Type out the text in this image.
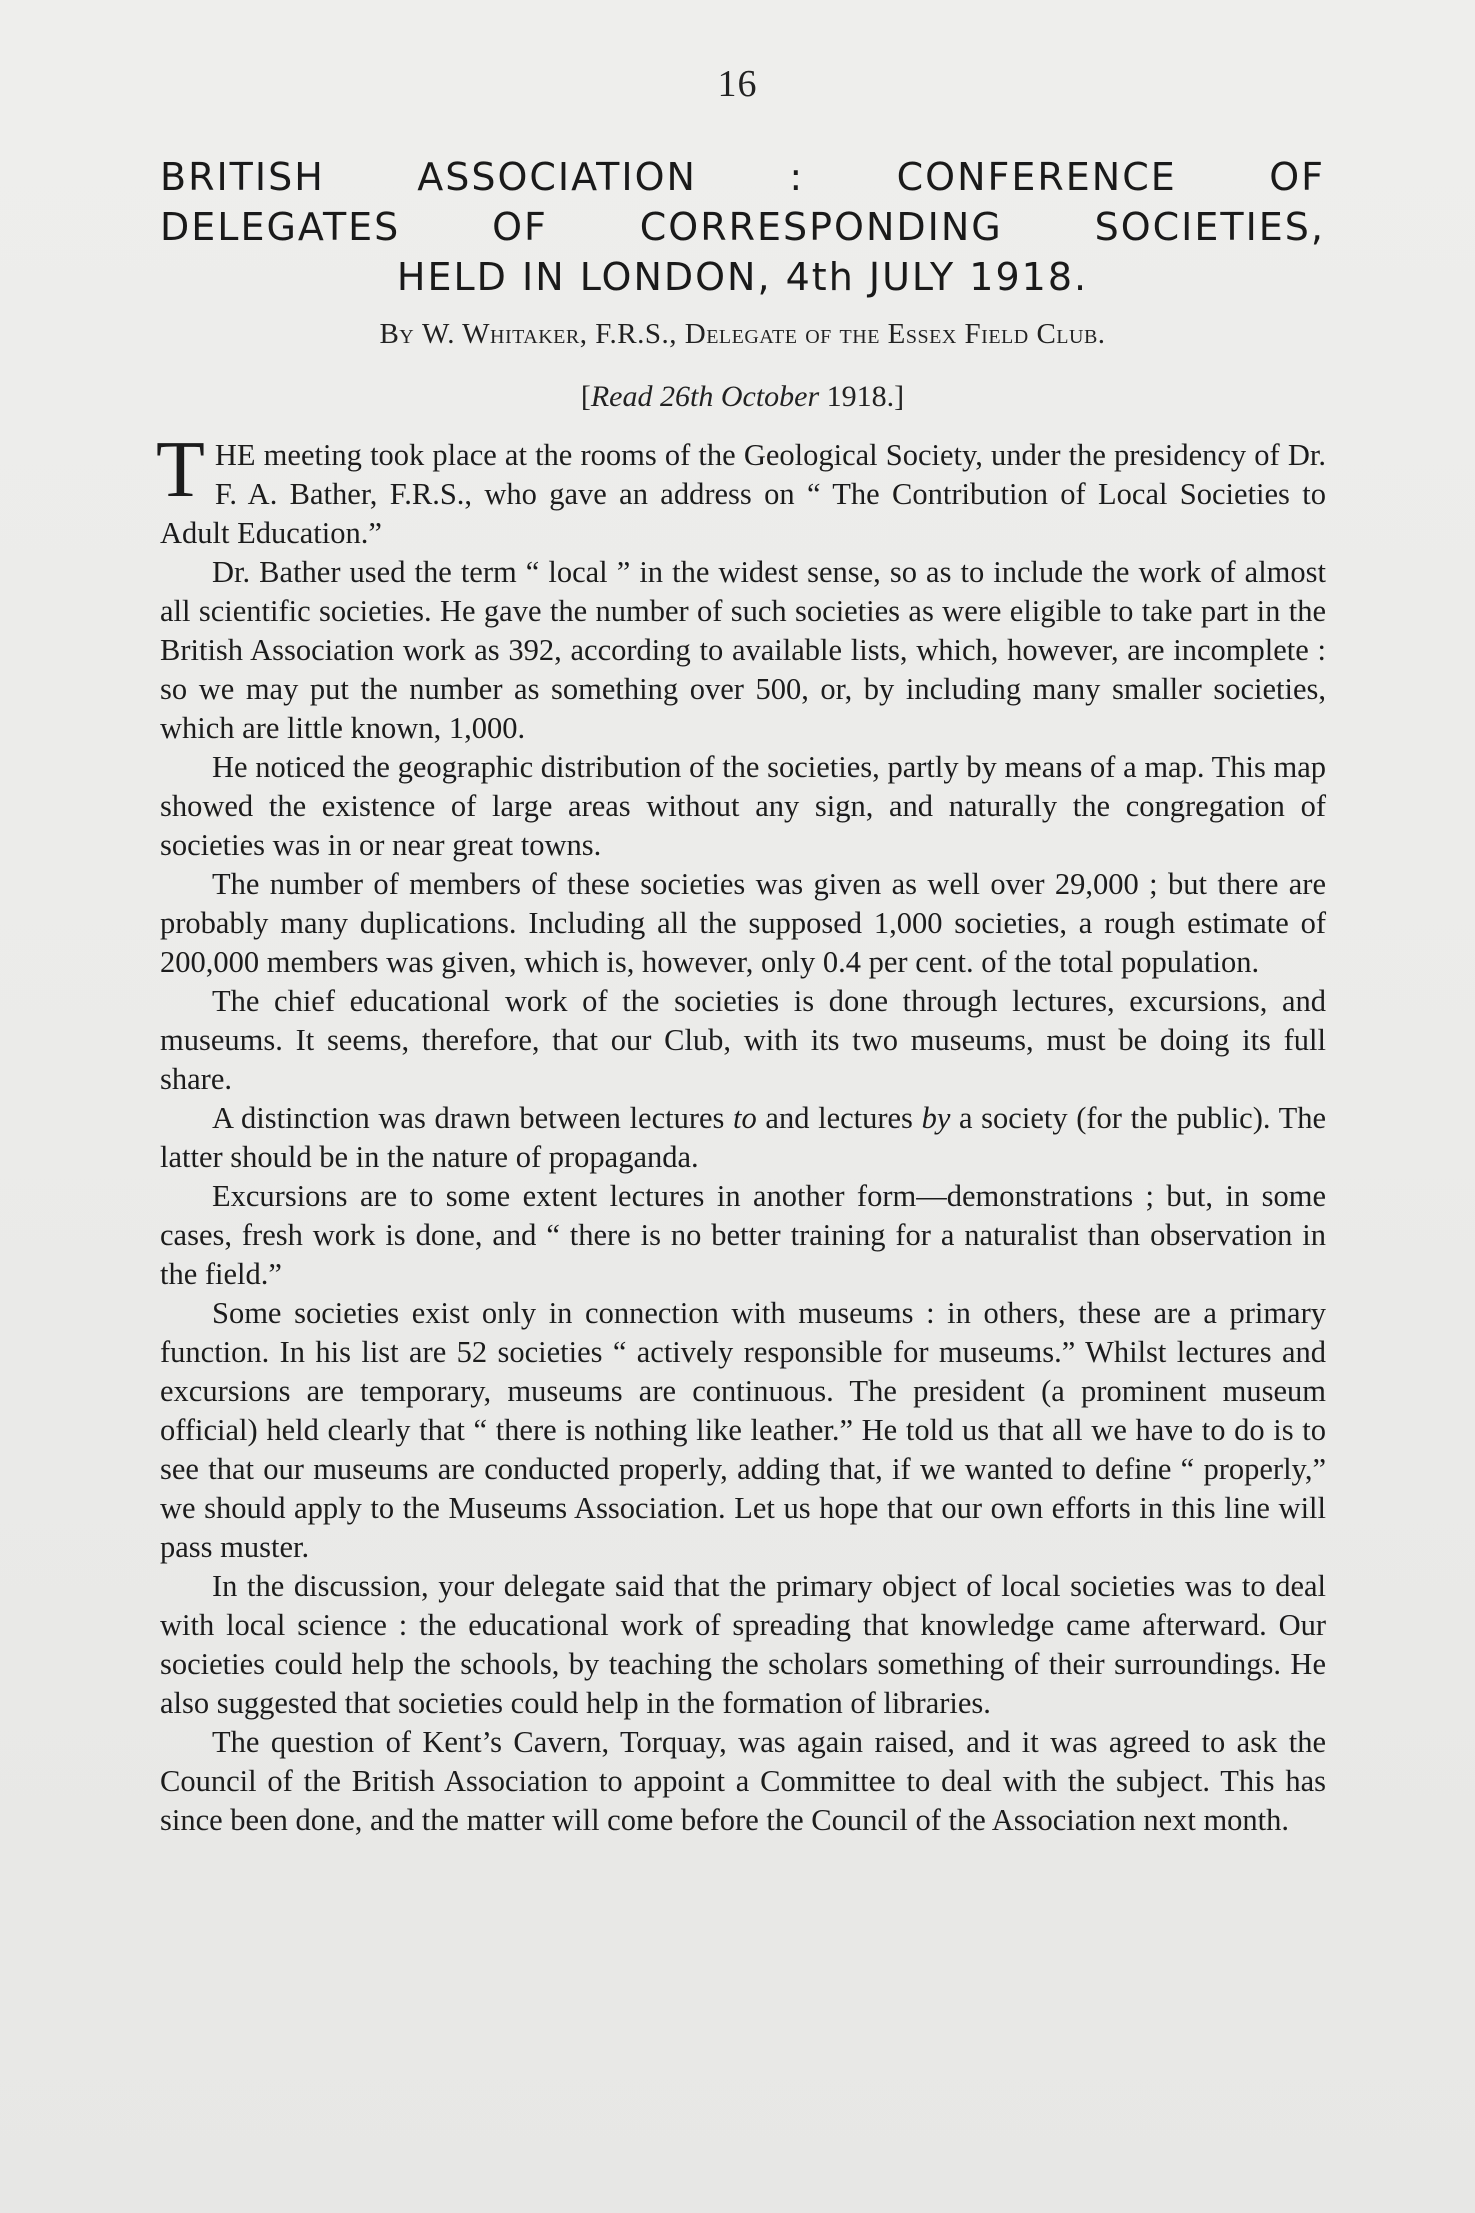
16
BRITISH ASSOCIATION : CONFERENCE OF
DELEGATES OF CORRESPONDING SOCIETIES,
HELD IN LONDON, 4th JULY 1918.
By W. Whitaker, F.R.S., Delegate of the Essex Field Club.
[Read 26th October 1918.]

THE meeting took place at the rooms of the Geological Society, under the presidency of Dr. F. A. Bather, F.R.S., who gave an address on “ The Contribution of Local Societies to Adult Education.”

Dr. Bather used the term “ local ” in the widest sense, so as to include the work of almost all scientific societies. He gave the number of such societies as were eligible to take part in the British Association work as 392, according to available lists, which, however, are incomplete : so we may put the number as something over 500, or, by including many smaller societies, which are little known, 1,000.

He noticed the geographic distribution of the societies, partly by means of a map. This map showed the existence of large areas without any sign, and naturally the congregation of societies was in or near great towns.

The number of members of these societies was given as well over 29,000 ; but there are probably many duplications. Including all the supposed 1,000 societies, a rough estimate of 200,000 members was given, which is, however, only 0.4 per cent. of the total population.

The chief educational work of the societies is done through lectures, excursions, and museums. It seems, therefore, that our Club, with its two museums, must be doing its full share.

A distinction was drawn between lectures to and lectures by a society (for the public). The latter should be in the nature of propaganda.

Excursions are to some extent lectures in another form—demonstrations ; but, in some cases, fresh work is done, and “ there is no better training for a naturalist than observation in the field.”

Some societies exist only in connection with museums : in others, these are a primary function. In his list are 52 societies “ actively responsible for museums.” Whilst lectures and excursions are temporary, museums are continuous. The president (a prominent museum official) held clearly that “ there is nothing like leather.” He told us that all we have to do is to see that our museums are conducted properly, adding that, if we wanted to define “ properly,” we should apply to the Museums Association. Let us hope that our own efforts in this line will pass muster.

In the discussion, your delegate said that the primary object of local societies was to deal with local science : the educational work of spreading that knowledge came afterward. Our societies could help the schools, by teaching the scholars something of their surroundings. He also suggested that societies could help in the formation of libraries.

The question of Kent’s Cavern, Torquay, was again raised, and it was agreed to ask the Council of the British Association to appoint a Committee to deal with the subject. This has since been done, and the matter will come before the Council of the Association next month.
